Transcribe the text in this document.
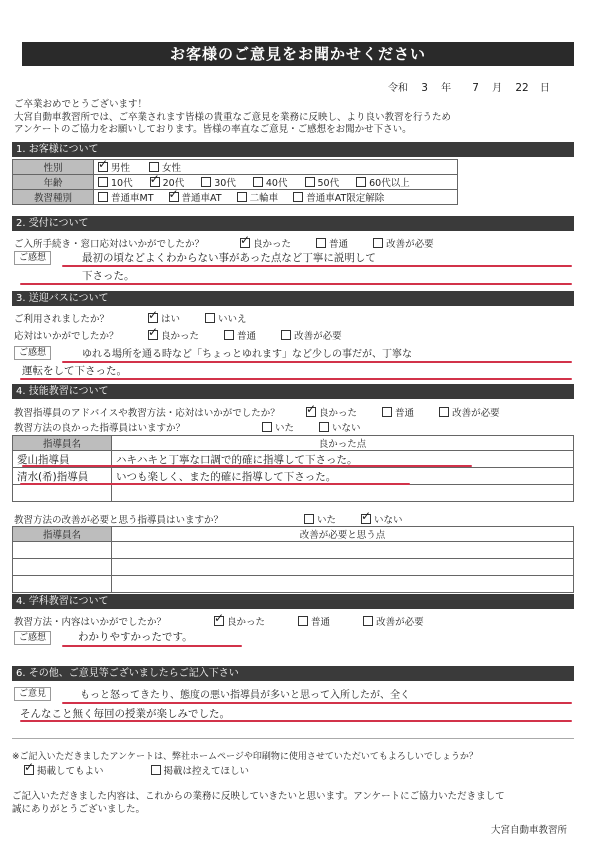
お客様のご意見をお聞かせください
令和 3 年 7 月 22 日
ご卒業おめでとうございます！
大宮自動車教習所では、ご卒業されます皆様の貴重なご意見を業務に反映し、より良い教習を行うため
アンケートのご協力をお願いしております。皆様の率直なご意見・ご感想をお聞かせ下さい。
1. お客様について
性別	✓男性 女性
年齢	10代 ✓ 20代 30代 40代 50代 60代以上
教習種別	普通車MT ✓ 普通車AT 二輪車 普通車AT限定解除
2. 受付について
ご入所手続き・窓口応対はいかがでしたか？ ✓	良かった	普通	改善が必要
ご感想	最初の頃などよくわからない事があった点など丁寧に説明して
下さった。
3. 送迎バスについて
ご利用されましたか？ ✓	はい	いいえ
応対はいかがでしたか？ ✓	良かった	普通	改善が必要
ご感想	ゆれる場所を通る時など「ちょっとゆれます」など少しの事だが、丁寧な
運転をして下さった。
4. 技能教習について
教習指導員のアドバイスや教習方法・応対はいかがでしたか？ ✓	良かった	普通	改善が必要
教習方法の良かった指導員はいますか？	いた	いない
指導員名	良かった点
愛山指導員	ハキハキと丁寧な口調で的確に指導して下さった。
清水(希)指導員	いつも楽しく、また的確に指導して下さった。

教習方法の改善が必要と思う指導員はいますか？	いた ✓	いない
指導員名	改善が必要と思う点

4. 学科教習について
教習方法・内容はいかがでしたか？ ✓	良かった	普通	改善が必要
ご感想	わかりやすかったです。
6. その他、ご意見等ございましたらご記入下さい
ご意見	もっと怒ってきたり、態度の悪い指導員が多いと思って入所したが、全く
そんなこと無く毎回の授業が楽しみでした。
※ご記入いただきましたアンケートは、弊社ホームページや印刷物に使用させていただいてもよろしいでしょうか？
✓掲載してもよい	掲載は控えてほしい
ご記入いただきました内容は、これからの業務に反映していきたいと思います。アンケートにご協力いただきまして
誠にありがとうございました。
大宮自動車教習所
